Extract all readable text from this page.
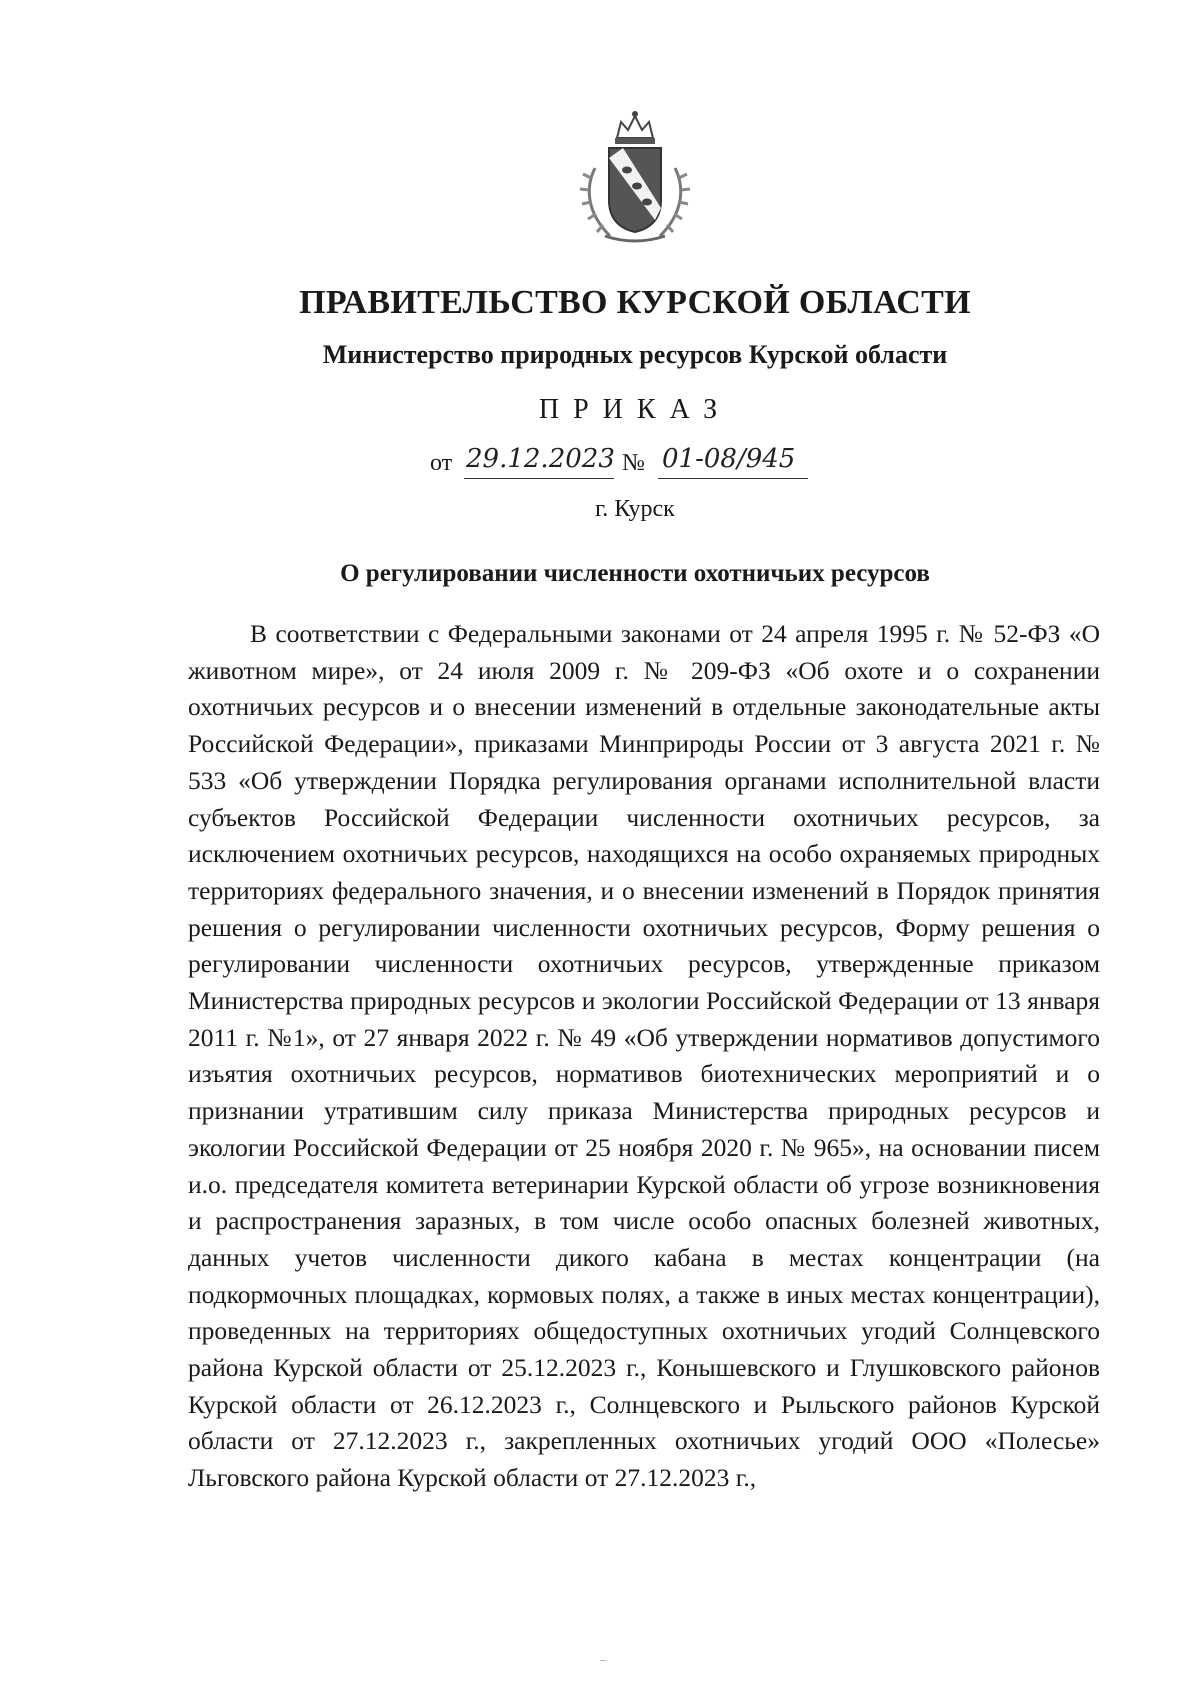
ПРАВИТЕЛЬСТВО КУРСКОЙ ОБЛАСТИ
Министерство природных ресурсов Курской области
ПРИКАЗ
от 29.12.2023 № 01-08/945
г. Курск
О регулировании численности охотничьих ресурсов
В соответствии с Федеральными законами от 24 апреля 1995 г. № 52-ФЗ «О животном мире», от 24 июля 2009 г. № 209-ФЗ «Об охоте и о сохранении охотничьих ресурсов и о внесении изменений в отдельные законодательные акты Российской Федерации», приказами Минприроды России от 3 августа 2021 г. № 533 «Об утверждении Порядка регулирования органами исполнительной власти субъектов Российской Федерации численности охотничьих ресурсов, за исключением охотничьих ресурсов, находящихся на особо охраняемых природных территориях федерального значения, и о внесении изменений в Порядок принятия решения о регулировании численности охотничьих ресурсов, Форму решения о регулировании численности охотничьих ресурсов, утвержденные приказом Министерства природных ресурсов и экологии Российской Федерации от 13 января 2011 г. №1», от 27 января 2022 г. № 49 «Об утверждении нормативов допустимого изъятия охотничьих ресурсов, нормативов биотехнических мероприятий и о признании утратившим силу приказа Министерства природных ресурсов и экологии Российской Федерации от 25 ноября 2020 г. № 965», на основании писем и.о. председателя комитета ветеринарии Курской области об угрозе возникновения и распространения заразных, в том числе особо опасных болезней животных, данных учетов численности дикого кабана в местах концентрации (на подкормочных площадках, кормовых полях, а также в иных местах концентрации), проведенных на территориях общедоступных охотничьих угодий Солнцевского района Курской области от 25.12.2023 г., Конышевского и Глушковского районов Курской области от 26.12.2023 г., Солнцевского и Рыльского районов Курской области от 27.12.2023 г., закрепленных охотничьих угодий ООО «Полесье» Льговского района Курской области от 27.12.2023 г.,
